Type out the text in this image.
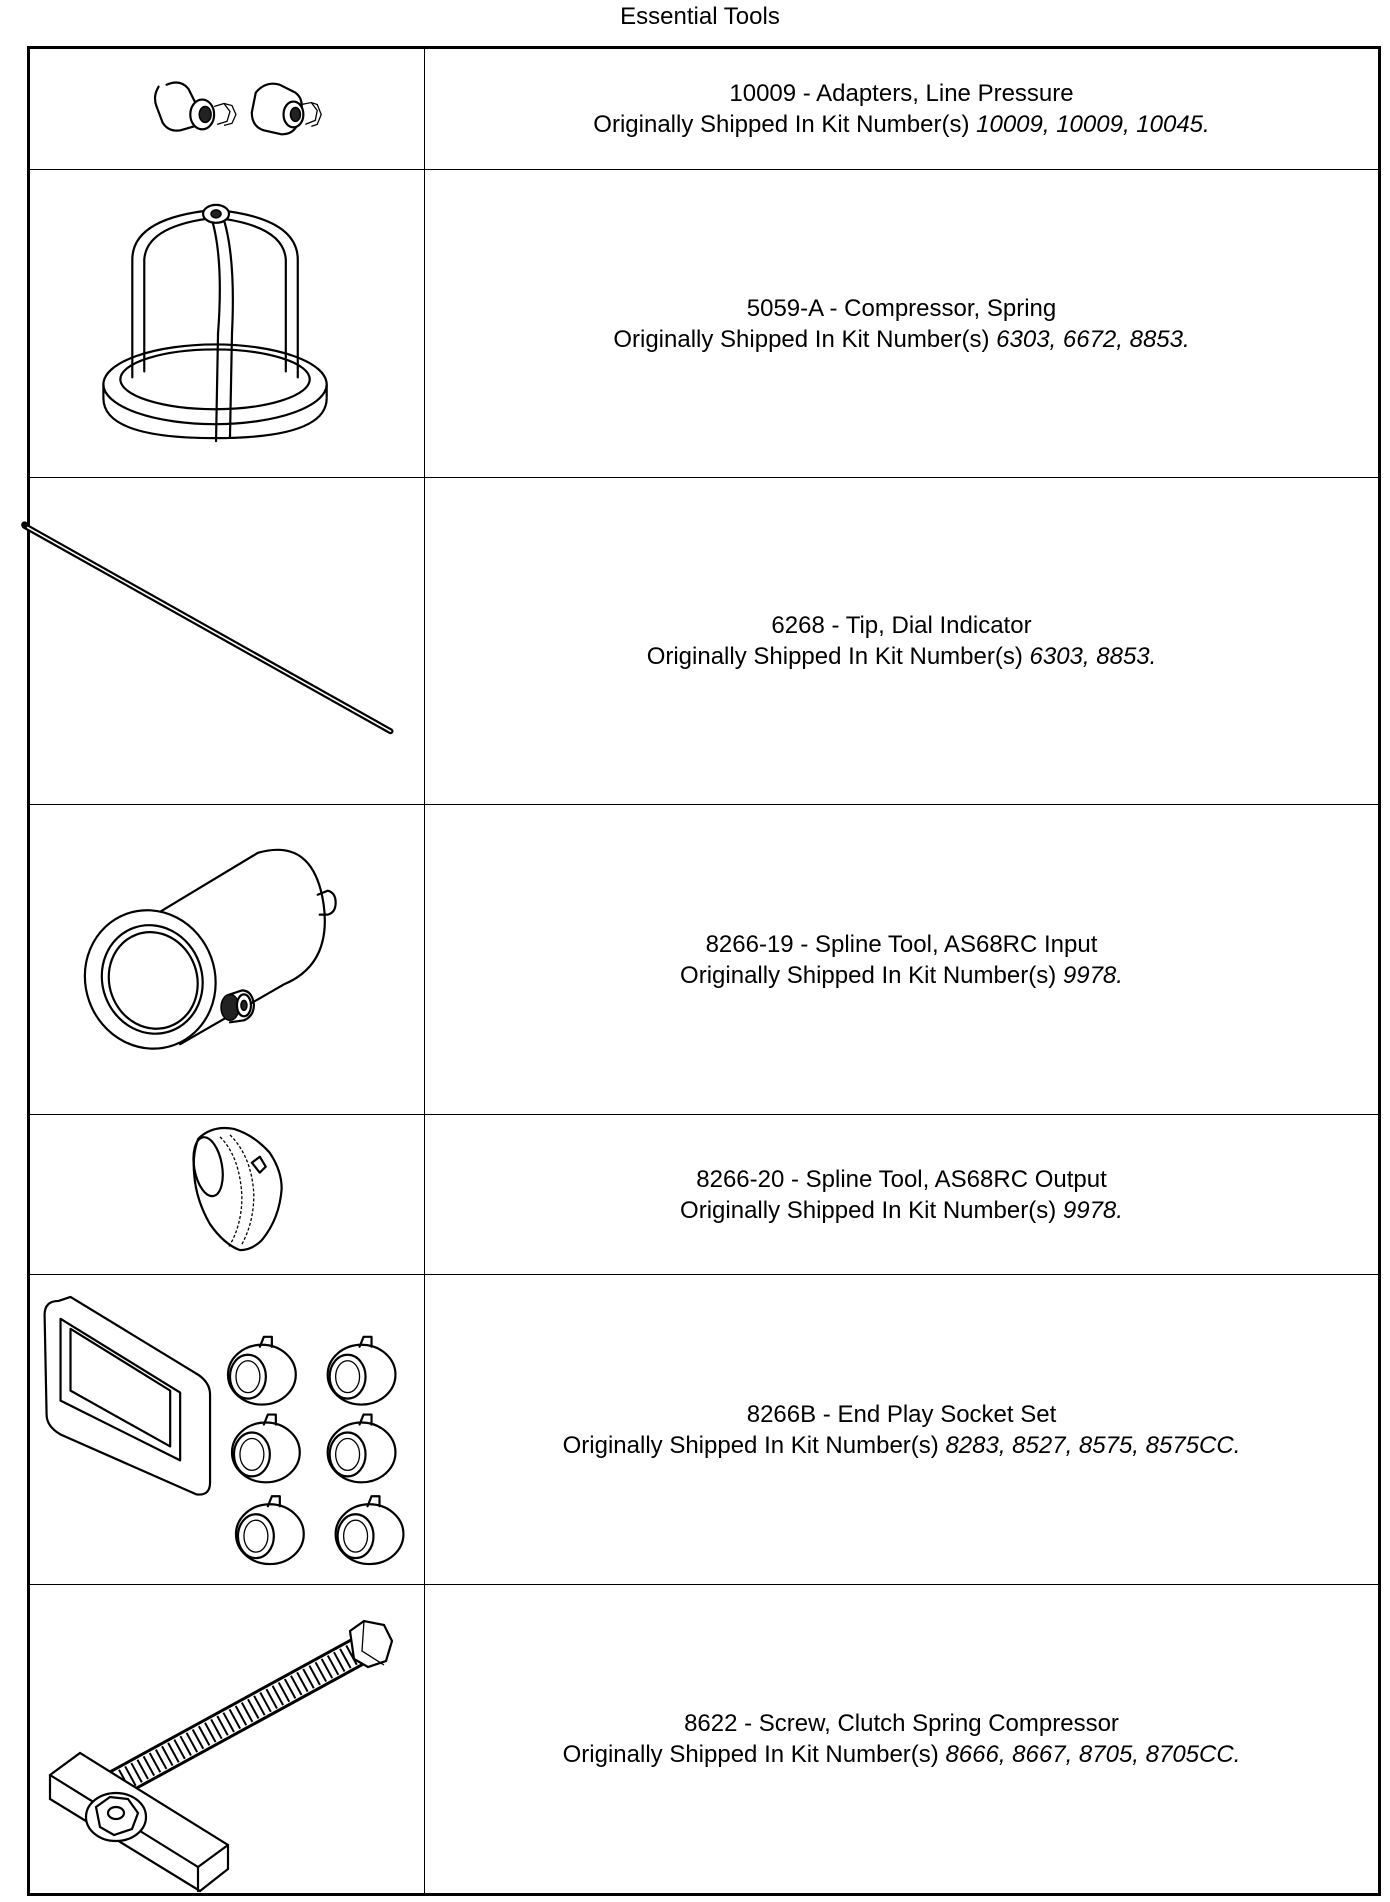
Essential Tools
10009 - Adapters, Line Pressure
Originally Shipped In Kit Number(s) 10009, 10009, 10045.
5059-A - Compressor, Spring
Originally Shipped In Kit Number(s) 6303, 6672, 8853.
6268 - Tip, Dial Indicator
Originally Shipped In Kit Number(s) 6303, 8853.
8266-19 - Spline Tool, AS68RC Input
Originally Shipped In Kit Number(s) 9978.
8266-20 - Spline Tool, AS68RC Output
Originally Shipped In Kit Number(s) 9978.
8266B - End Play Socket Set
Originally Shipped In Kit Number(s) 8283, 8527, 8575, 8575CC.
8622 - Screw, Clutch Spring Compressor
Originally Shipped In Kit Number(s) 8666, 8667, 8705, 8705CC.
